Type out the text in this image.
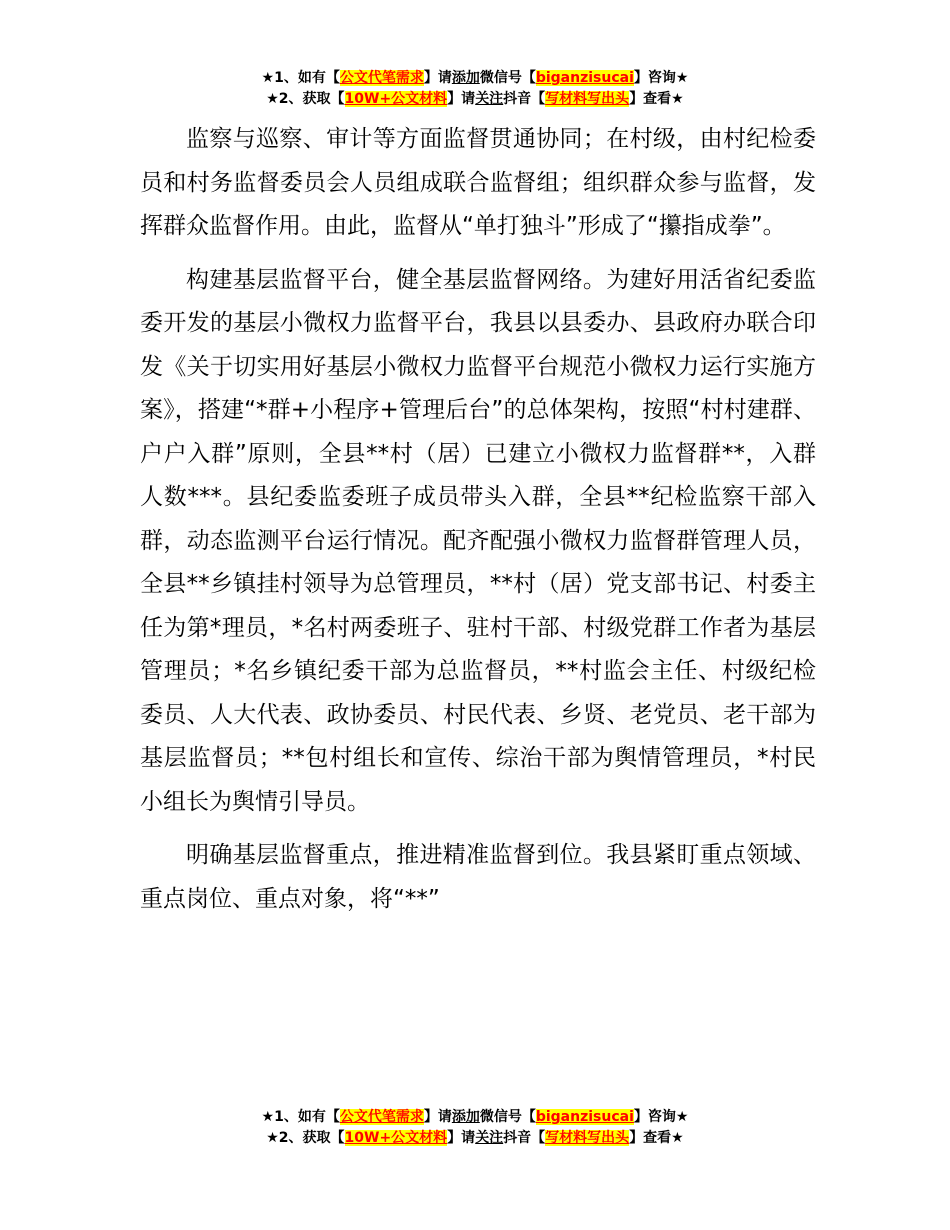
★1、如有【公文代笔需求】请添加微信号【biganzisucai】咨询★
★2、获取【10W+公文材料】请关注抖音【写材料写出头】查看★

监察与巡察、审计等方面监督贯通协同；在村级，由村纪检委员和村务监督委员会人员组成联合监督组；组织群众参与监督，发挥群众监督作用。由此，监督从“单打独斗”形成了“攥指成拳”。

构建基层监督平台，健全基层监督网络。为建好用活省纪委监委开发的基层小微权力监督平台，我县以县委办、县政府办联合印发《关于切实用好基层小微权力监督平台规范小微权力运行实施方案》，搭建“*群+小程序+管理后台”的总体架构，按照“村村建群、户户入群”原则，全县**村（居）已建立小微权力监督群**，入群人数***。县纪委监委班子成员带头入群，全县**纪检监察干部入群，动态监测平台运行情况。配齐配强小微权力监督群管理人员，全县**乡镇挂村领导为总管理员，**村（居）党支部书记、村委主任为第*理员，*名村两委班子、驻村干部、村级党群工作者为基层管理员；*名乡镇纪委干部为总监督员，**村监会主任、村级纪检委员、人大代表、政协委员、村民代表、乡贤、老党员、老干部为基层监督员；**包村组长和宣传、综治干部为舆情管理员，*村民小组长为舆情引导员。

明确基层监督重点，推进精准监督到位。我县紧盯重点领域、重点岗位、重点对象，将“**”

★1、如有【公文代笔需求】请添加微信号【biganzisucai】咨询★
★2、获取【10W+公文材料】请关注抖音【写材料写出头】查看★
